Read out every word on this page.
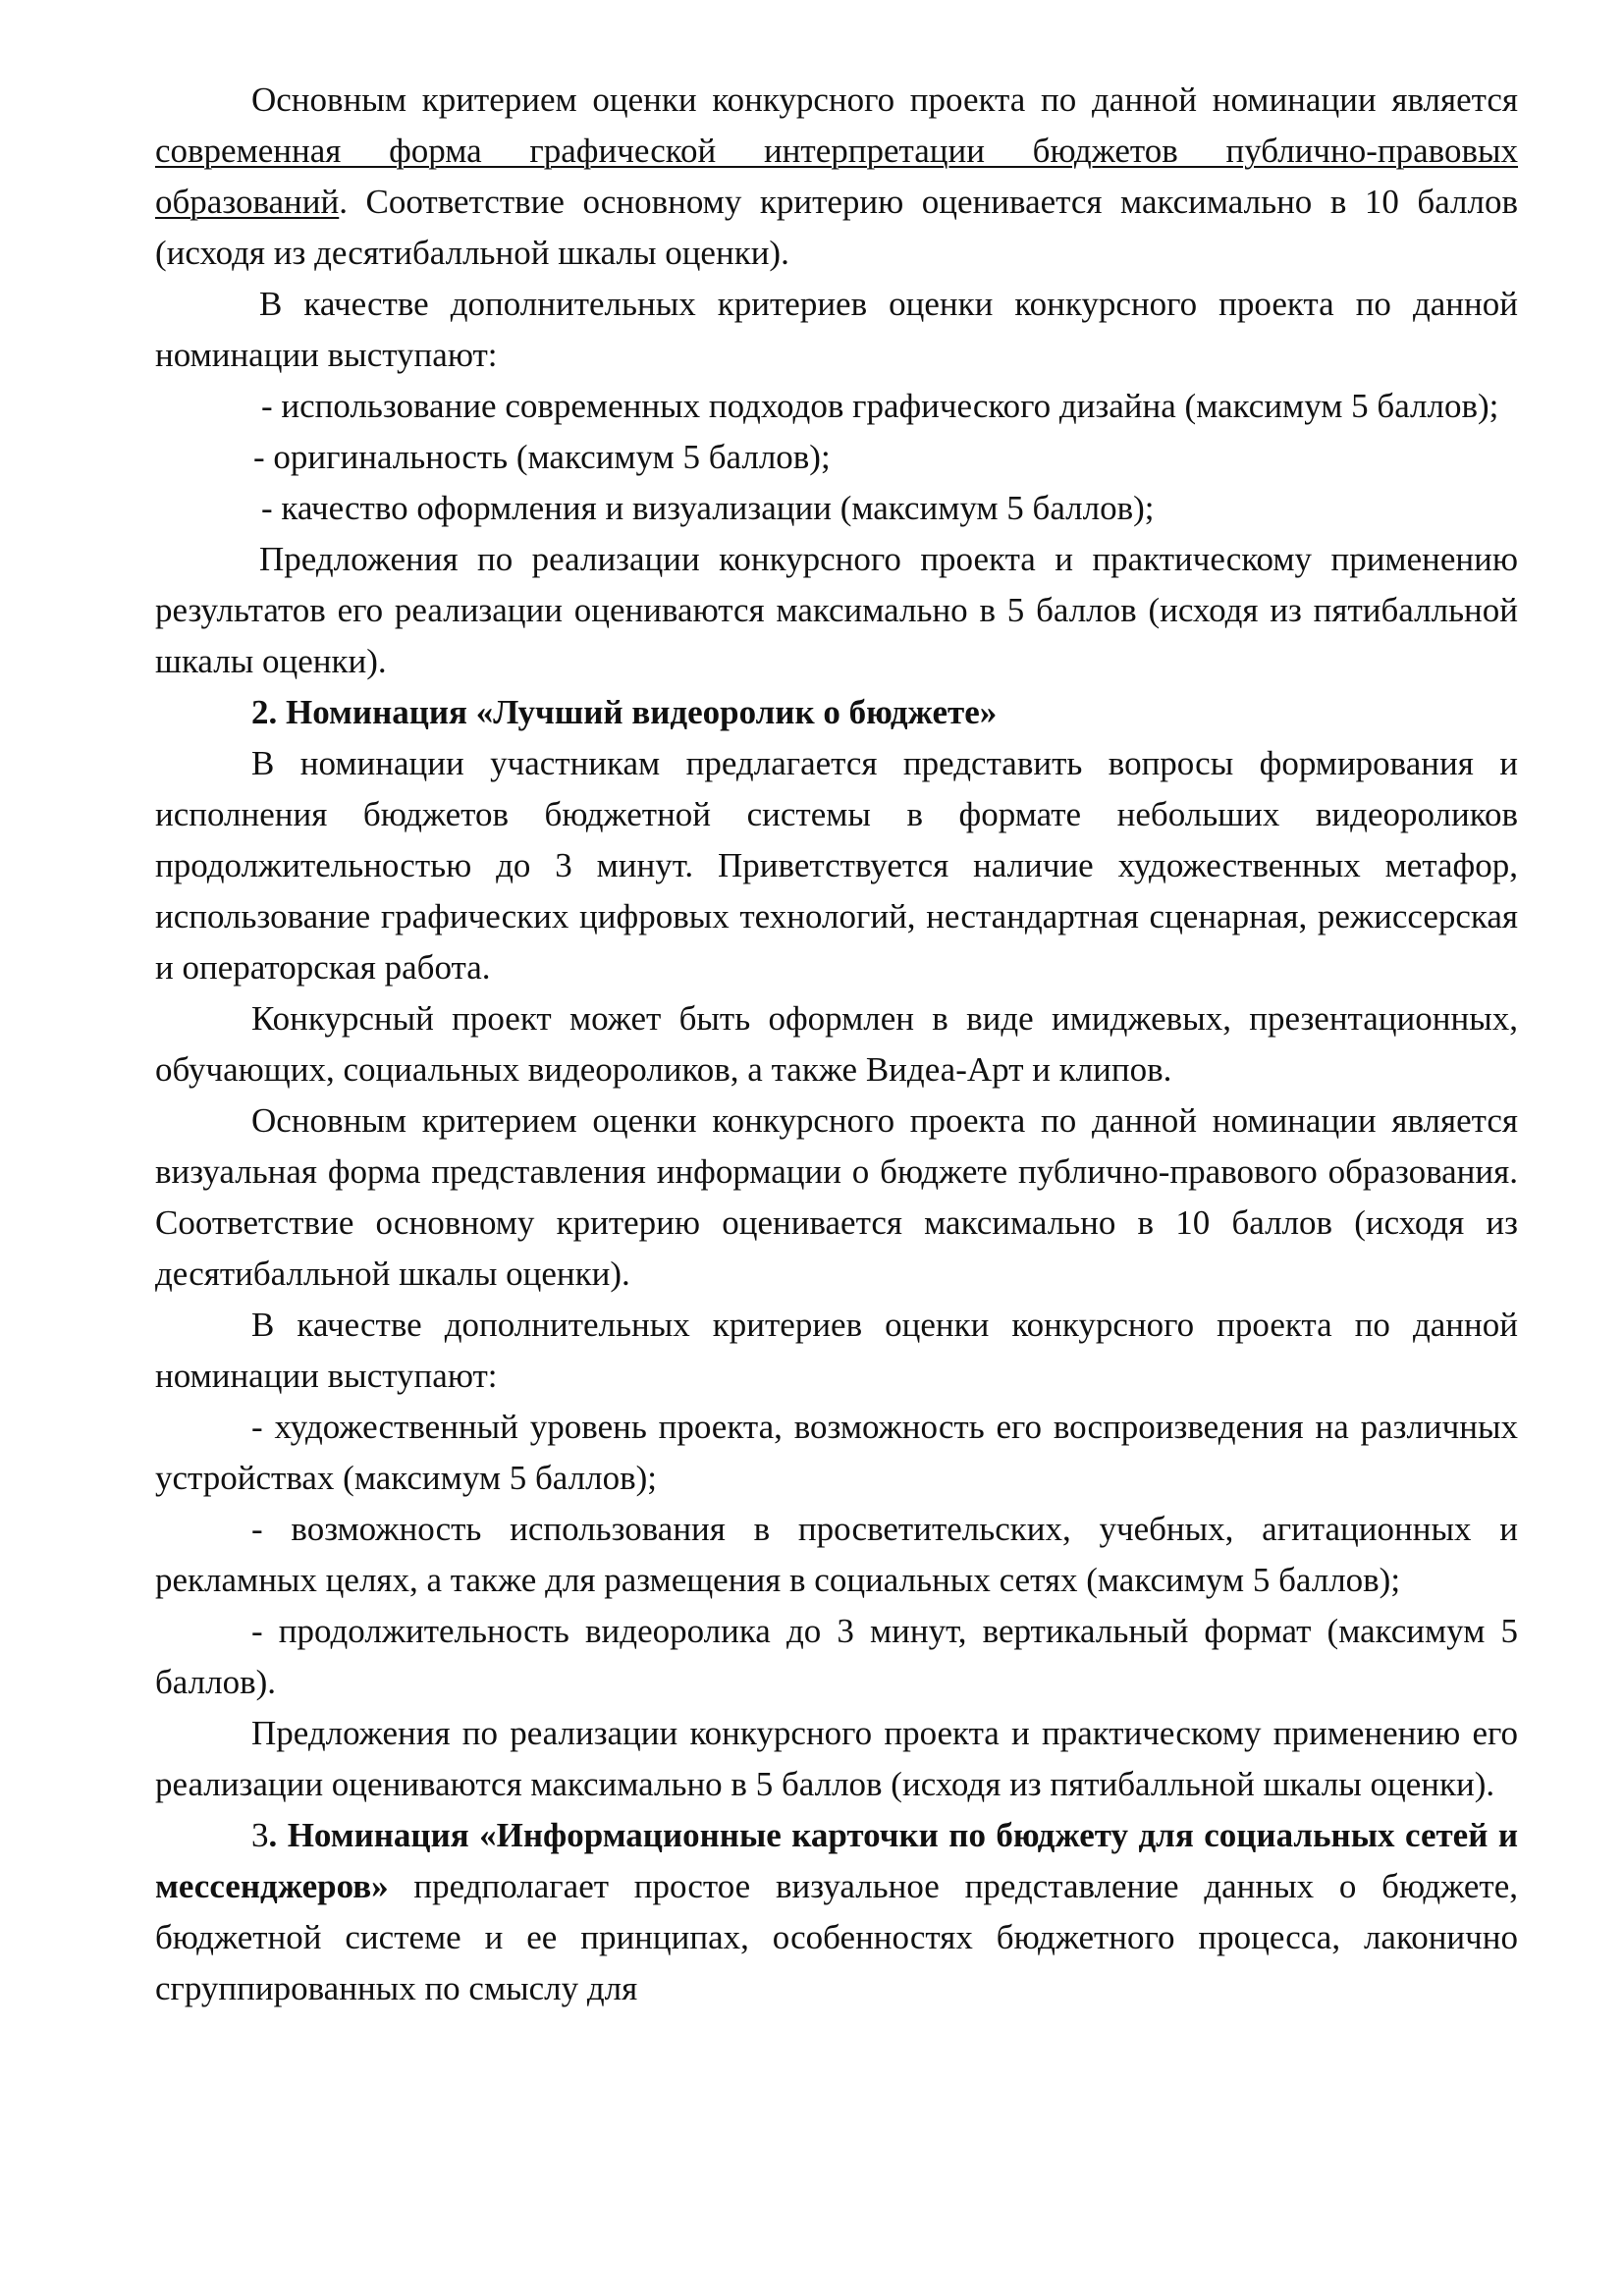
Основным критерием оценки конкурсного проекта по данной номинации является современная форма графической интерпретации бюджетов публично-правовых образований. Соответствие основному критерию оценивается максимально в 10 баллов (исходя из десятибалльной шкалы оценки).

В качестве дополнительных критериев оценки конкурсного проекта по данной номинации выступают:

- использование современных подходов графического дизайна (максимум 5 баллов);

- оригинальность (максимум 5 баллов);

- качество оформления и визуализации (максимум 5 баллов);

Предложения по реализации конкурсного проекта и практическому применению результатов его реализации оцениваются максимально в 5 баллов (исходя из пятибалльной шкалы оценки).

2. Номинация «Лучший видеоролик о бюджете»

В номинации участникам предлагается представить вопросы формирования и исполнения бюджетов бюджетной системы в формате небольших видеороликов продолжительностью до 3 минут. Приветствуется наличие художественных метафор, использование графических цифровых технологий, нестандартная сценарная, режиссерская и операторская работа.

Конкурсный проект может быть оформлен в виде имиджевых, презентационных, обучающих, социальных видеороликов, а также Видеа-Арт и клипов.

Основным критерием оценки конкурсного проекта по данной номинации является визуальная форма представления информации о бюджете публично-правового образования. Соответствие основному критерию оценивается максимально в 10 баллов (исходя из десятибалльной шкалы оценки).

В качестве дополнительных критериев оценки конкурсного проекта по данной номинации выступают:

- художественный уровень проекта, возможность его воспроизведения на различных устройствах (максимум 5 баллов);

- возможность использования в просветительских, учебных, агитационных и рекламных целях, а также для размещения в социальных сетях (максимум 5 баллов);

- продолжительность видеоролика до 3 минут, вертикальный формат (максимум 5 баллов).

Предложения по реализации конкурсного проекта и практическому применению его реализации оцениваются максимально в 5 баллов (исходя из пятибалльной шкалы оценки).

3. Номинация «Информационные карточки по бюджету для социальных сетей и мессенджеров» предполагает простое визуальное представление данных о бюджете, бюджетной системе и ее принципах, особенностях бюджетного процесса, лаконично сгруппированных по смыслу для
